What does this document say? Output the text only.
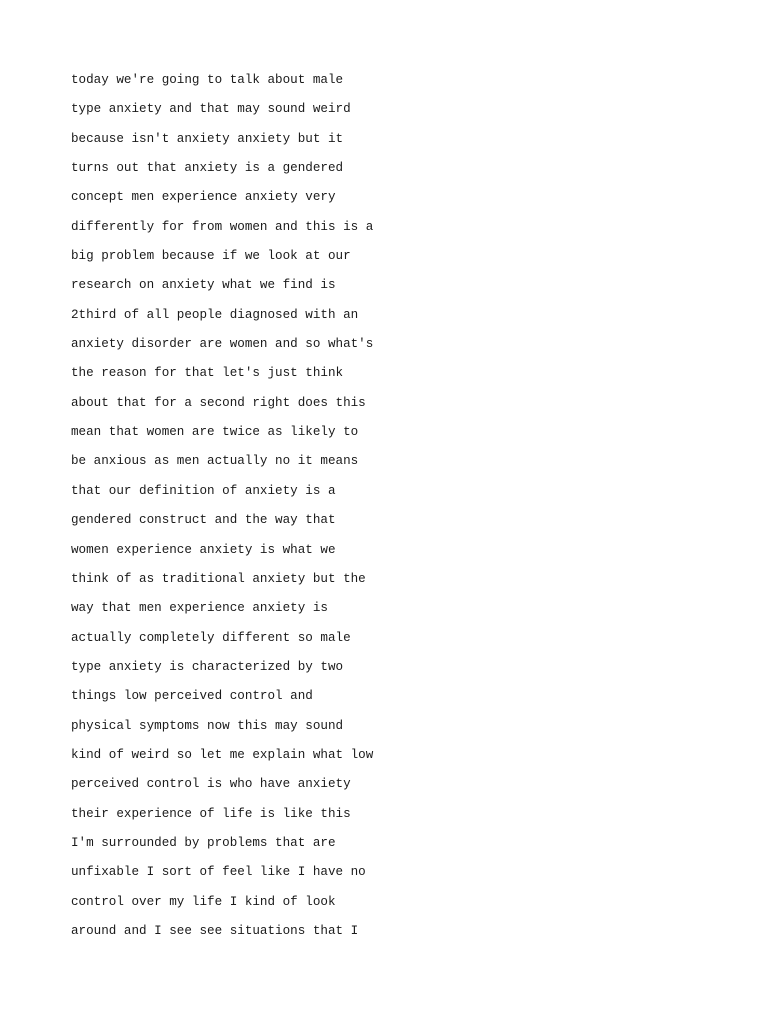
today we're going to talk about male
type anxiety and that may sound weird
because isn't anxiety anxiety but it
turns out that anxiety is a gendered
concept men experience anxiety very
differently for from women and this is a
big problem because if we look at our
research on anxiety what we find is
2third of all people diagnosed with an
anxiety disorder are women and so what's
the reason for that let's just think
about that for a second right does this
mean that women are twice as likely to
be anxious as men actually no it means
that our definition of anxiety is a
gendered construct and the way that
women experience anxiety is what we
think of as traditional anxiety but the
way that men experience anxiety is
actually completely different so male
type anxiety is characterized by two
things low perceived control and
physical symptoms now this may sound
kind of weird so let me explain what low
perceived control is who have anxiety
their experience of life is like this
I'm surrounded by problems that are
unfixable I sort of feel like I have no
control over my life I kind of look
around and I see see situations that I
